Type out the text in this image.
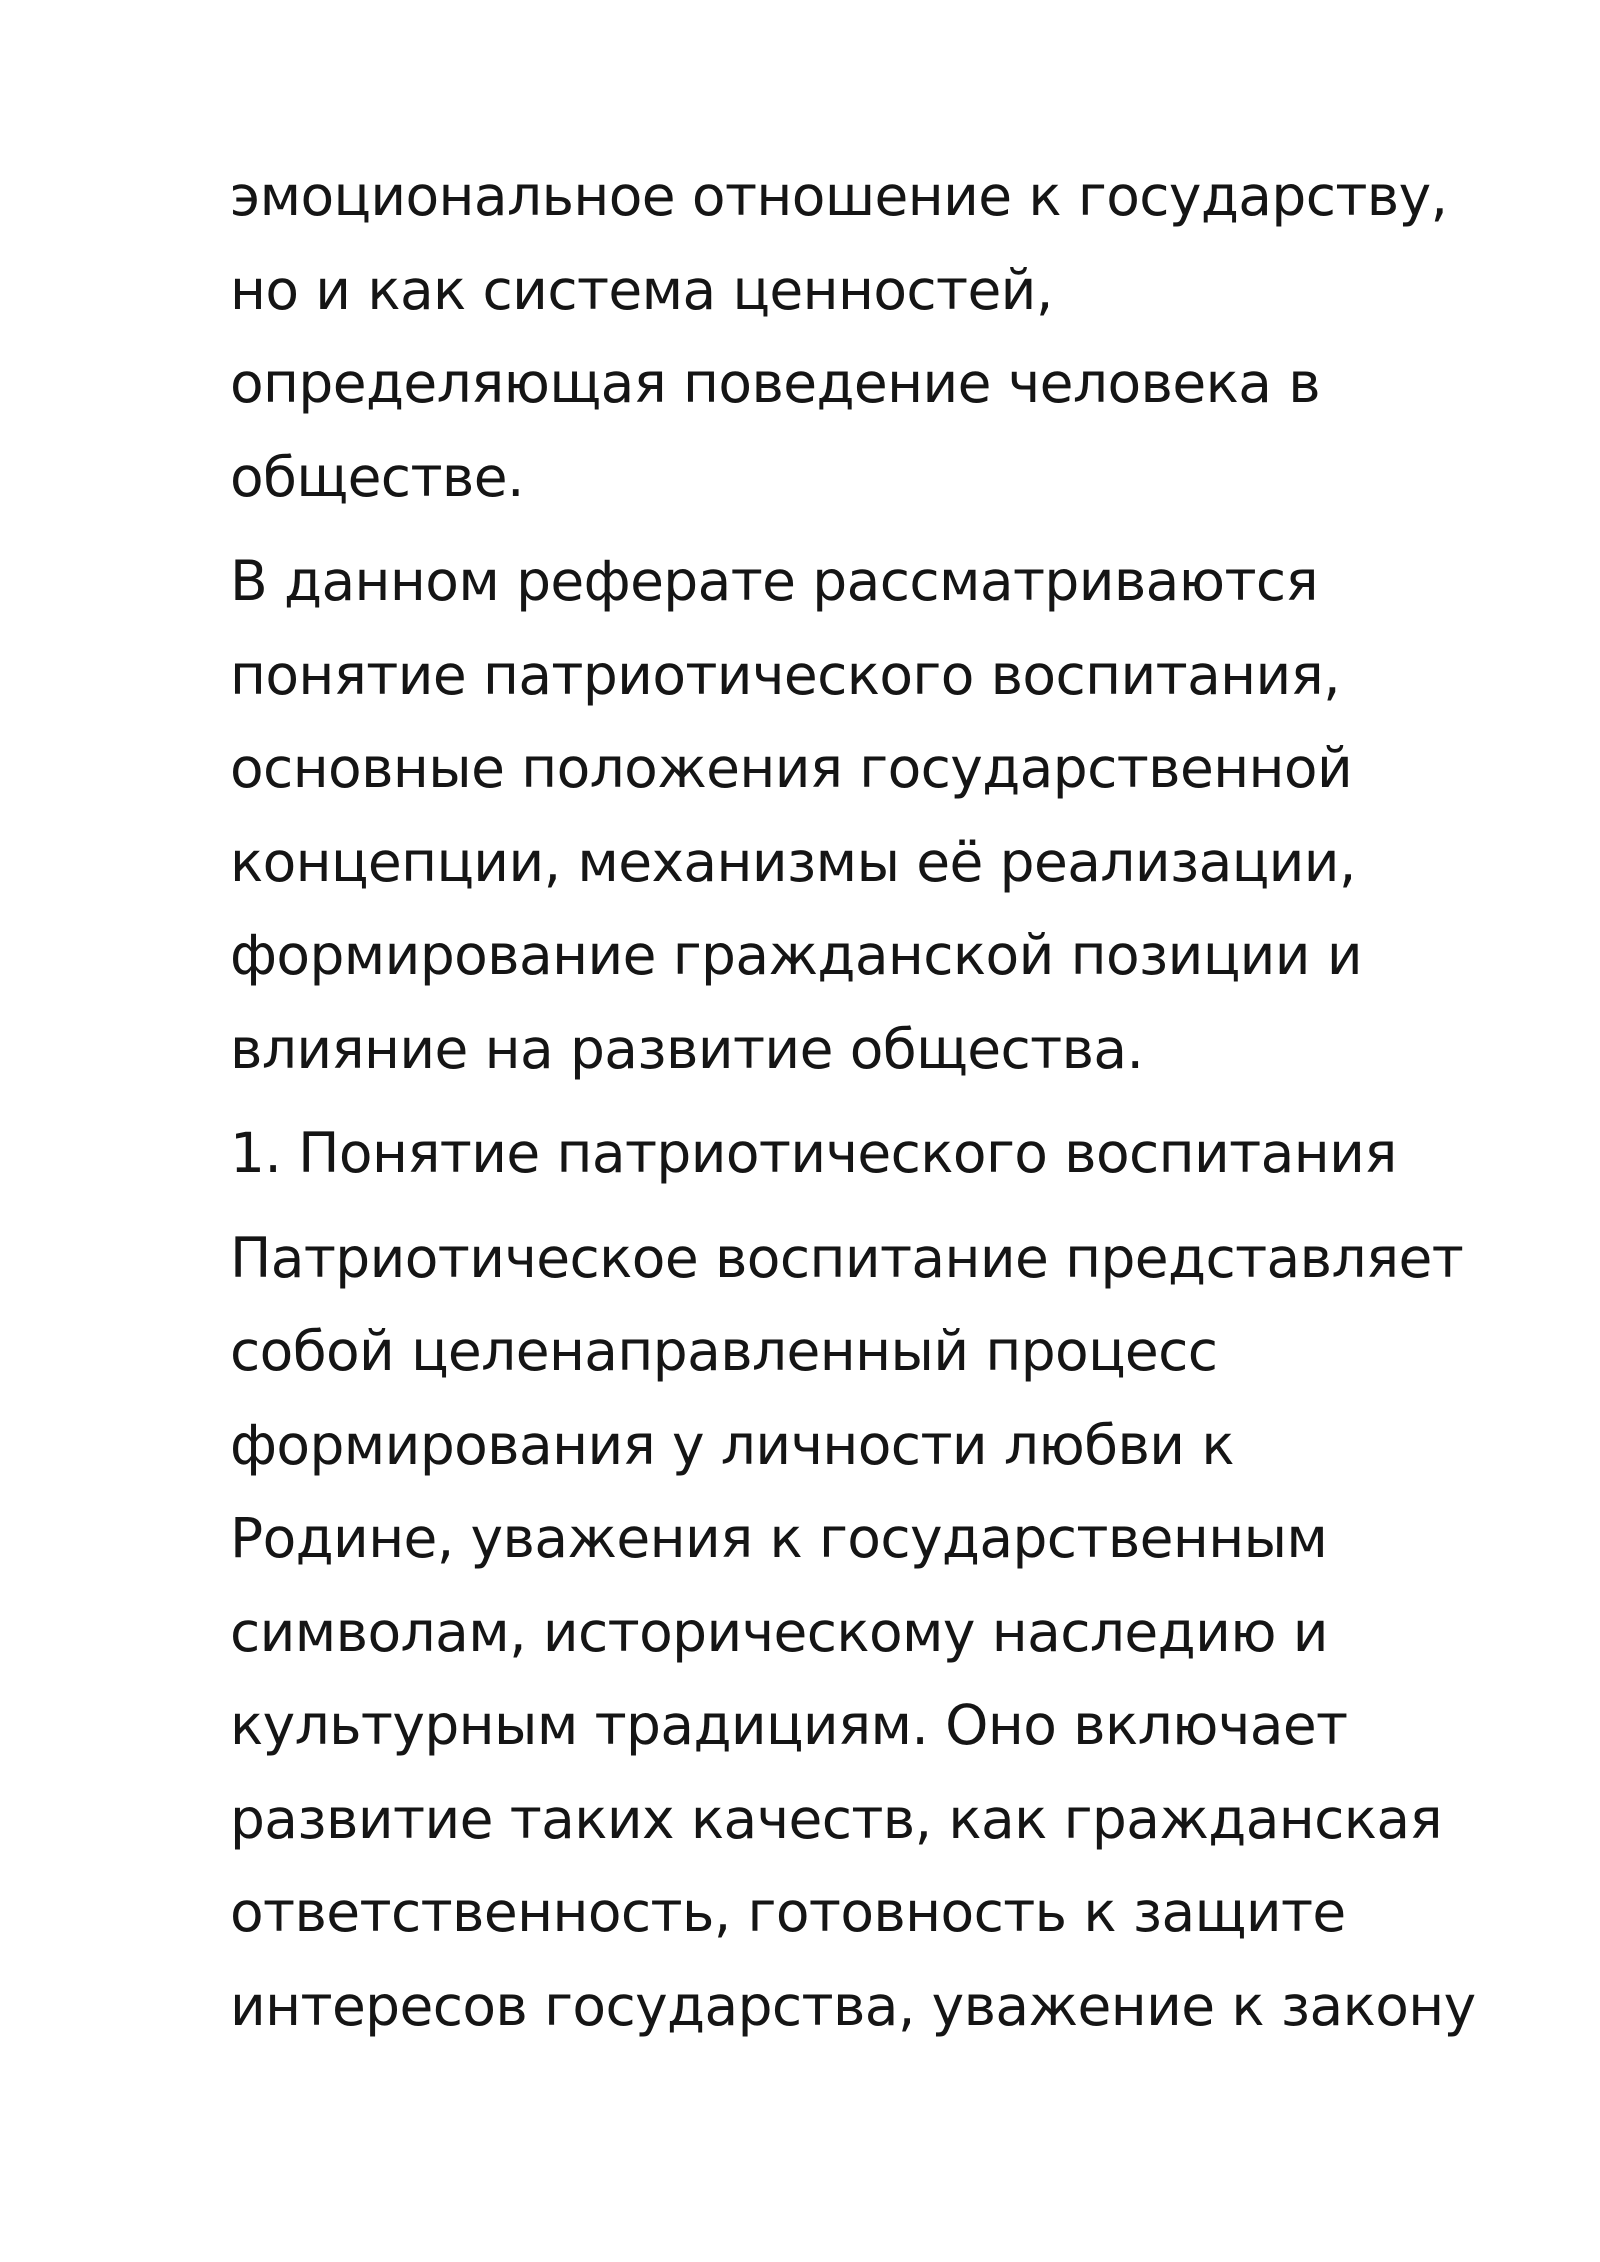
эмоциональное отношение к государству,
но и как система ценностей,
определяющая поведение человека в
обществе.
В данном реферате рассматриваются
понятие патриотического воспитания,
основные положения государственной
концепции, механизмы её реализации,
формирование гражданской позиции и
влияние на развитие общества.
1. Понятие патриотического воспитания
Патриотическое воспитание представляет
собой целенаправленный процесс
формирования у личности любви к
Родине, уважения к государственным
символам, историческому наследию и
культурным традициям. Оно включает
развитие таких качеств, как гражданская
ответственность, готовность к защите
интересов государства, уважение к закону
